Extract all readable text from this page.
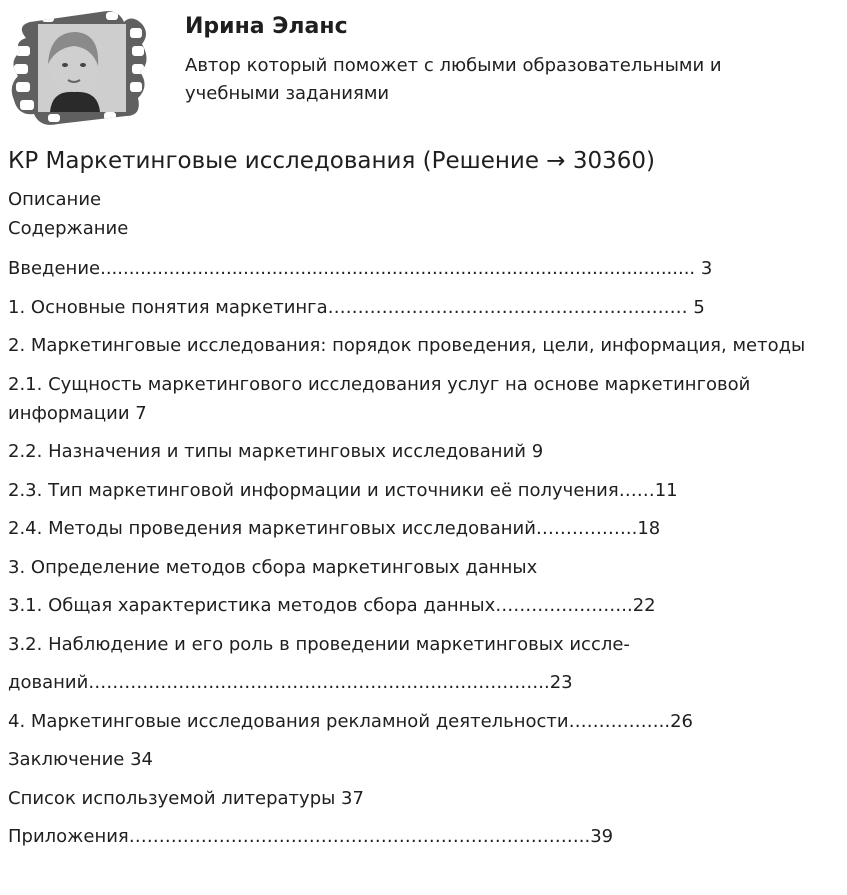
Ирина Эланс

Автор который поможет с любыми образовательными и учебными заданиями

КР Маркетинговые исследования (Решение → 30360)

Описание

Содержание

Введение........................................................................................................ 3
1. Основные понятия маркетинга…………………………………………………… 5
2. Маркетинговые исследования: порядок проведения, цели, информация, методы
2.1. Сущность маркетингового исследования услуг на основе маркетинговой информации 7
2.2. Назначения и типы маркетинговых исследований 9
2.3. Тип маркетинговой информации и источники её получения……11
2.4. Методы проведения маркетинговых исследований……………..18
3. Определение методов сбора маркетинговых данных
3.1. Общая характеристика методов сбора данных…………………..22
3.2. Наблюдение и его роль в проведении маркетинговых иссле-
дований…………………………………………………………………..23
4. Маркетинговые исследования рекламной деятельности……………..26
Заключение 34
Список используемой литературы 37
Приложения…………………………………………………………………..39
